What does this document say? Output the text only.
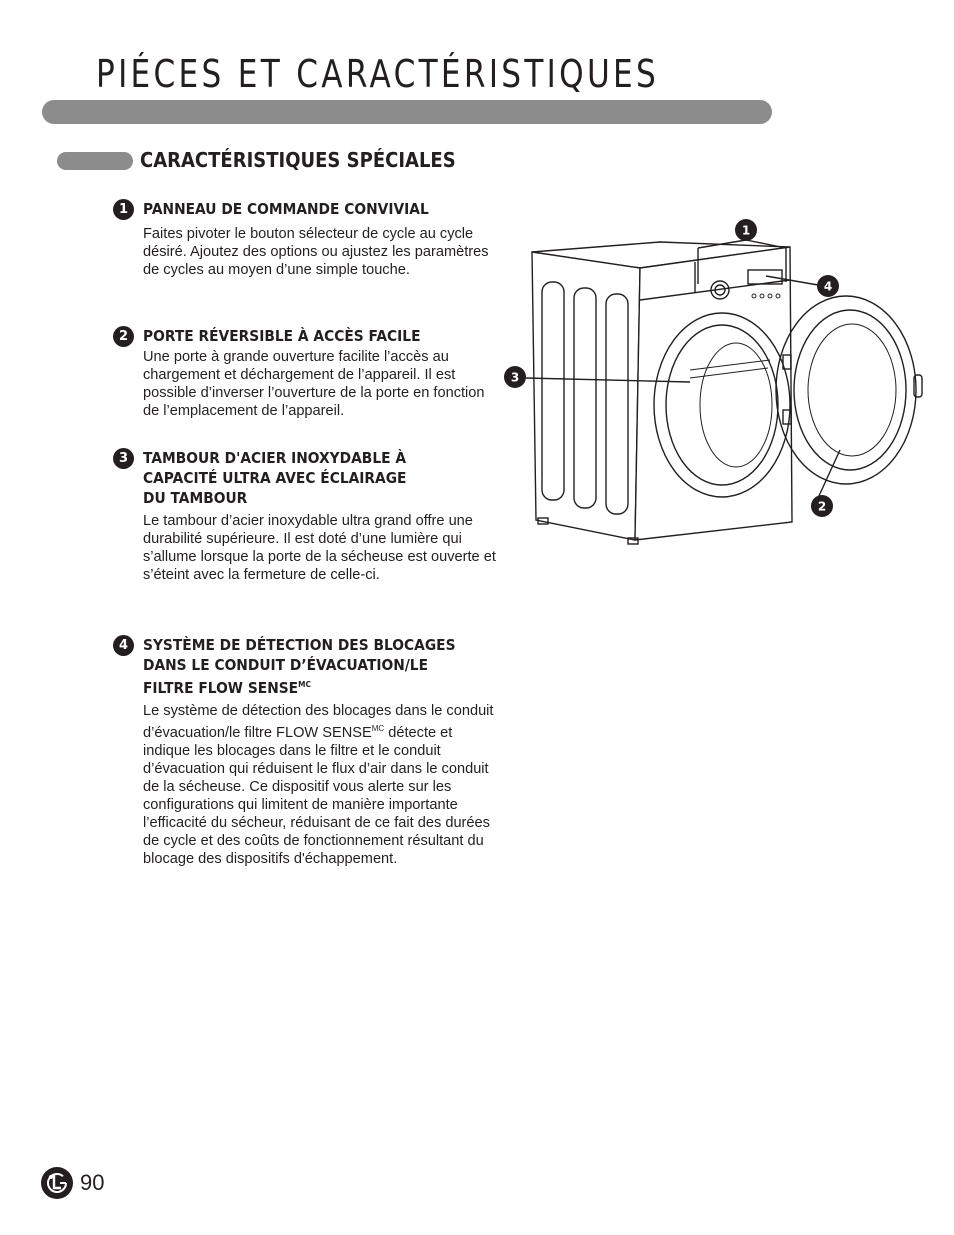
PIÉCES ET CARACTÉRISTIQUES
CARACTÉRISTIQUES SPÉCIALES
1 PANNEAU DE COMMANDE CONVIVIAL
Faites pivoter le bouton sélecteur de cycle au cycle désiré. Ajoutez des options ou ajustez les paramètres de cycles au moyen d’une simple touche.
2 PORTE RÉVERSIBLE À ACCÈS FACILE
Une porte à grande ouverture facilite l’accès au chargement et déchargement de l’appareil. Il est possible d’inverser l’ouverture de la porte en fonction de l’emplacement de l’appareil.
3 TAMBOUR D'ACIER INOXYDABLE À CAPACITÉ ULTRA AVEC ÉCLAIRAGE DU TAMBOUR
Le tambour d’acier inoxydable ultra grand offre une durabilité supérieure. Il est doté d’une lumière qui s’allume lorsque la porte de la sécheuse est ouverte et s’éteint avec la fermeture de celle-ci.
4 SYSTÈME DE DÉTECTION DES BLOCAGES DANS LE CONDUIT D’ÉVACUATION/LE FILTRE FLOW $SENSE^{MC}$
Le système de détection des blocages dans le conduit d’évacuation/le filtre FLOW $SENSE^{MC}$ détecte et indique les blocages dans le filtre et le conduit d’évacuation qui réduisent le flux d’air dans le conduit de la sécheuse. Ce dispositif vous alerte sur les configurations qui limitent de manière importante l’efficacité du sécheur, réduisant de ce fait des durées de cycle et des coûts de fonctionnement résultant du blocage des dispositifs d'échappement.
1
2
3
4
90
